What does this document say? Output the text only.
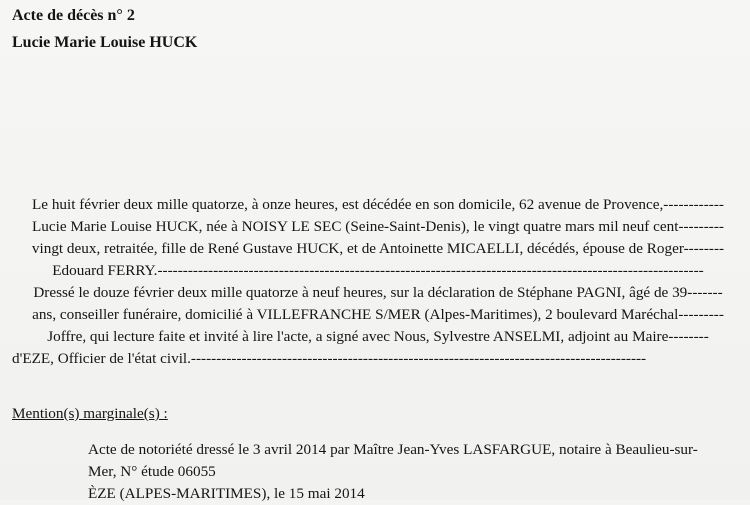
Acte de décès n° 2
Lucie Marie Louise HUCK
Le huit février deux mille quatorze, à onze heures, est décédée en son domicile, 62 avenue de Provence,------------
Lucie Marie Louise HUCK, née à NOISY LE SEC (Seine-Saint-Denis), le vingt quatre mars mil neuf cent---------
vingt deux, retraitée, fille de René Gustave HUCK, et de Antoinette MICAELLI, décédés, épouse de Roger--------
Edouard FERRY.------------------------------------------------------------------------------------------------------------
Dressé le douze février deux mille quatorze à neuf heures, sur la déclaration de Stéphane PAGNI, âgé de 39-------
ans, conseiller funéraire, domicilié à VILLEFRANCHE S/MER (Alpes-Maritimes), 2 boulevard Maréchal---------
Joffre, qui lecture faite et invité à lire l'acte, a signé avec Nous, Sylvestre ANSELMI, adjoint au Maire--------
d'EZE, Officier de l'état civil.------------------------------------------------------------------------------------------
Mention(s) marginale(s) :
Acte de notoriété dressé le 3 avril 2014 par Maître Jean-Yves LASFARGUE, notaire à Beaulieu-sur-
Mer, N° étude 06055
ÈZE (ALPES-MARITIMES), le 15 mai 2014
